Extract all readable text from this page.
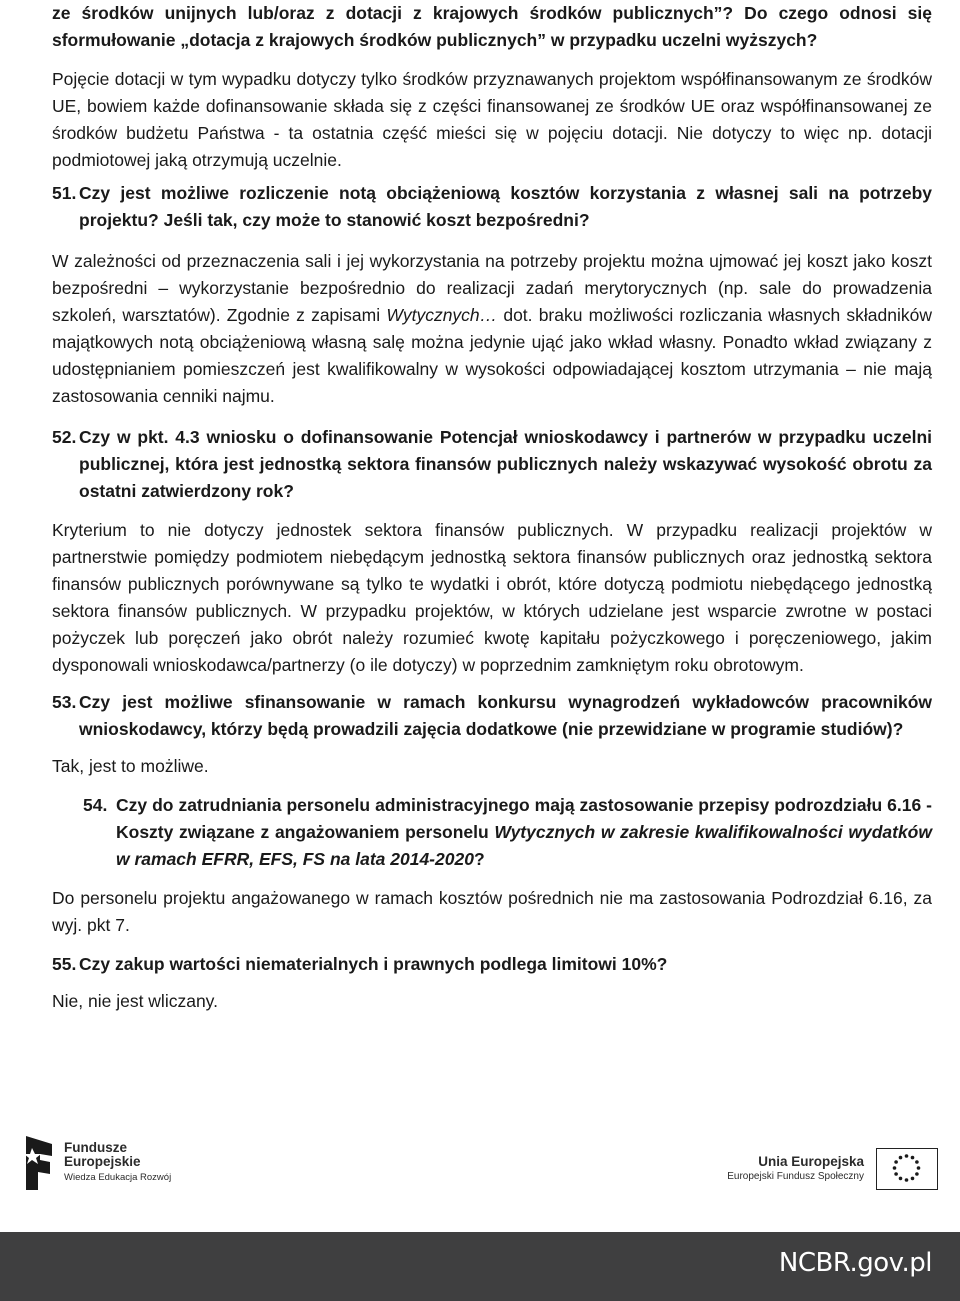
ze środków unijnych lub/oraz z dotacji z krajowych środków publicznych”? Do czego odnosi się sformułowanie „dotacja z krajowych środków publicznych” w przypadku uczelni wyższych?
Pojęcie dotacji w tym wypadku dotyczy tylko środków przyznawanych projektom współfinansowanym ze środków UE, bowiem każde dofinansowanie składa się z części finansowanej ze środków UE oraz współfinansowanej ze środków budżetu Państwa - ta ostatnia część mieści się w pojęciu dotacji. Nie dotyczy to więc np. dotacji podmiotowej jaką otrzymują uczelnie.
51. Czy jest możliwe rozliczenie notą obciążeniową kosztów korzystania z własnej sali na potrzeby projektu? Jeśli tak, czy może to stanowić koszt bezpośredni?
W zależności od przeznaczenia sali i jej wykorzystania na potrzeby projektu można ujmować jej koszt jako koszt bezpośredni – wykorzystanie bezpośrednio do realizacji zadań merytorycznych (np. sale do prowadzenia szkoleń, warsztatów). Zgodnie z zapisami Wytycznych… dot. braku możliwości rozliczania własnych składników majątkowych notą obciążeniową własną salę można jedynie ująć jako wkład własny. Ponadto wkład związany z udostępnianiem pomieszczeń jest kwalifikowalny w wysokości odpowiadającej kosztom utrzymania – nie mają zastosowania cenniki najmu.
52. Czy w pkt. 4.3 wniosku o dofinansowanie Potencjał wnioskodawcy i partnerów w przypadku uczelni publicznej, która jest jednostką sektora finansów publicznych należy wskazywać wysokość obrotu za ostatni zatwierdzony rok?
Kryterium to nie dotyczy jednostek sektora finansów publicznych. W przypadku realizacji projektów w partnerstwie pomiędzy podmiotem niebędącym jednostką sektora finansów publicznych oraz jednostką sektora finansów publicznych porównywane są tylko te wydatki i obrót, które dotyczą podmiotu niebędącego jednostką sektora finansów publicznych. W przypadku projektów, w których udzielane jest wsparcie zwrotne w postaci pożyczek lub poręczeń jako obrót należy rozumieć kwotę kapitału pożyczkowego i poręczeniowego, jakim dysponowali wnioskodawca/partnerzy (o ile dotyczy) w poprzednim zamkniętym roku obrotowym.
53. Czy jest możliwe sfinansowanie w ramach konkursu wynagrodzeń wykładowców pracowników wnioskodawcy, którzy będą prowadzili zajęcia dodatkowe (nie przewidziane w programie studiów)?
Tak, jest to możliwe.
54. Czy do zatrudniania personelu administracyjnego mają zastosowanie przepisy podrozdziału 6.16 - Koszty związane z angażowaniem personelu Wytycznych w zakresie kwalifikowalności wydatków w ramach EFRR, EFS, FS na lata 2014-2020?
Do personelu projektu angażowanego w ramach kosztów pośrednich nie ma zastosowania Podrozdział 6.16, za wyj. pkt 7.
55. Czy zakup wartości niematerialnych i prawnych podlega limitowi 10%?
Nie, nie jest wliczany.
Fundusze
Europejskie
Wiedza Edukacja Rozwój
Unia Europejska
Europejski Fundusz Społeczny
NCBR.gov.pl
